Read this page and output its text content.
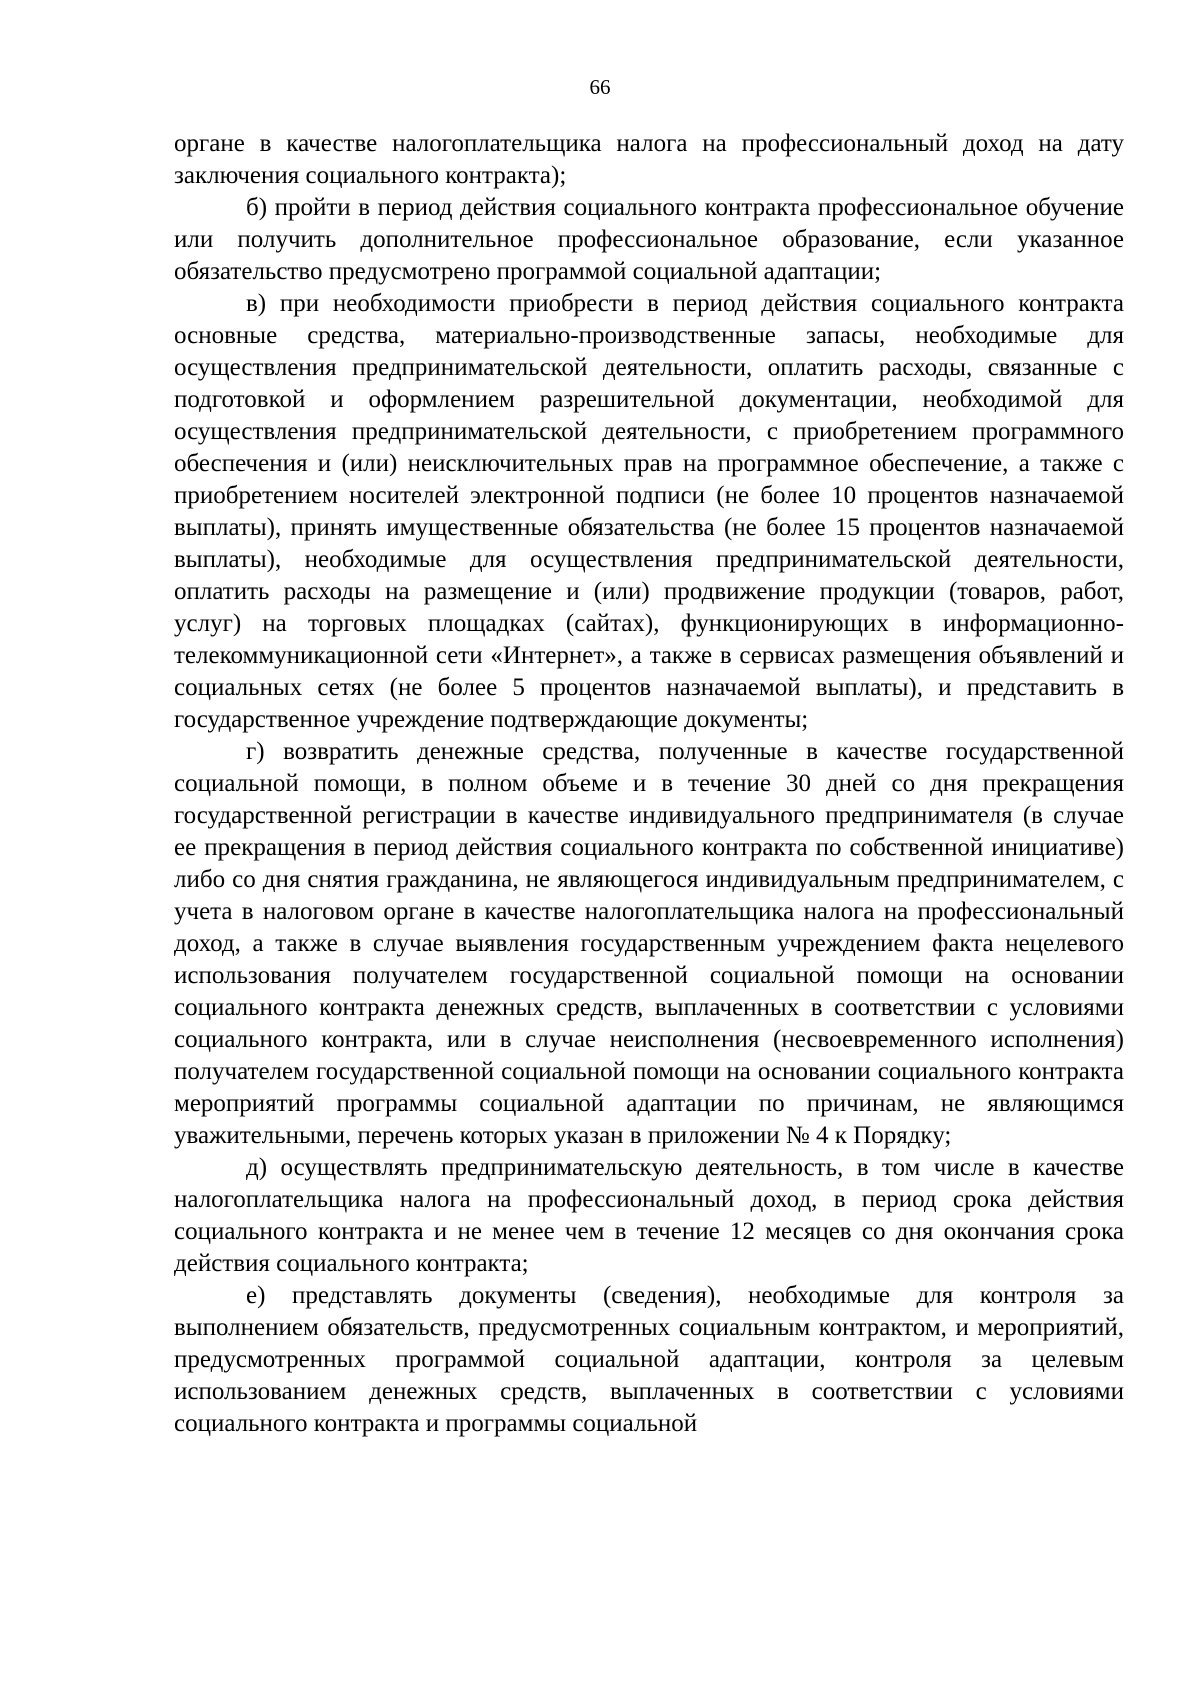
66

органе в качестве налогоплательщика налога на профессиональный доход на дату заключения социального контракта);

б) пройти в период действия социального контракта профессиональное обучение или получить дополнительное профессиональное образование, если указанное обязательство предусмотрено программой социальной адаптации;

в) при необходимости приобрести в период действия социального контракта основные средства, материально-производственные запасы, необходимые для осуществления предпринимательской деятельности, оплатить расходы, связанные с подготовкой и оформлением разрешительной документации, необходимой для осуществления предпринимательской деятельности, с приобретением программного обеспечения и (или) неисключительных прав на программное обеспечение, а также с приобретением носителей электронной подписи (не более 10 процентов назначаемой выплаты), принять имущественные обязательства (не более 15 процентов назначаемой выплаты), необходимые для осуществления предпринимательской деятельности, оплатить расходы на размещение и (или) продвижение продукции (товаров, работ, услуг) на торговых площадках (сайтах), функционирующих в информационно-телекоммуникационной сети «Интернет», а также в сервисах размещения объявлений и социальных сетях (не более 5 процентов назначаемой выплаты), и представить в государственное учреждение подтверждающие документы;

г) возвратить денежные средства, полученные в качестве государственной социальной помощи, в полном объеме и в течение 30 дней со дня прекращения государственной регистрации в качестве индивидуального предпринимателя (в случае ее прекращения в период действия социального контракта по собственной инициативе) либо со дня снятия гражданина, не являющегося индивидуальным предпринимателем, с учета в налоговом органе в качестве налогоплательщика налога на профессиональный доход, а также в случае выявления государственным учреждением факта нецелевого использования получателем государственной социальной помощи на основании социального контракта денежных средств, выплаченных в соответствии с условиями социального контракта, или в случае неисполнения (несвоевременного исполнения) получателем государственной социальной помощи на основании социального контракта мероприятий программы социальной адаптации по причинам, не являющимся уважительными, перечень которых указан в приложении № 4 к Порядку;

д) осуществлять предпринимательскую деятельность, в том числе в качестве налогоплательщика налога на профессиональный доход, в период срока действия социального контракта и не менее чем в течение 12 месяцев со дня окончания срока действия социального контракта;

е) представлять документы (сведения), необходимые для контроля за выполнением обязательств, предусмотренных социальным контрактом, и мероприятий, предусмотренных программой социальной адаптации, контроля за целевым использованием денежных средств, выплаченных в соответствии с условиями социального контракта и программы социальной
